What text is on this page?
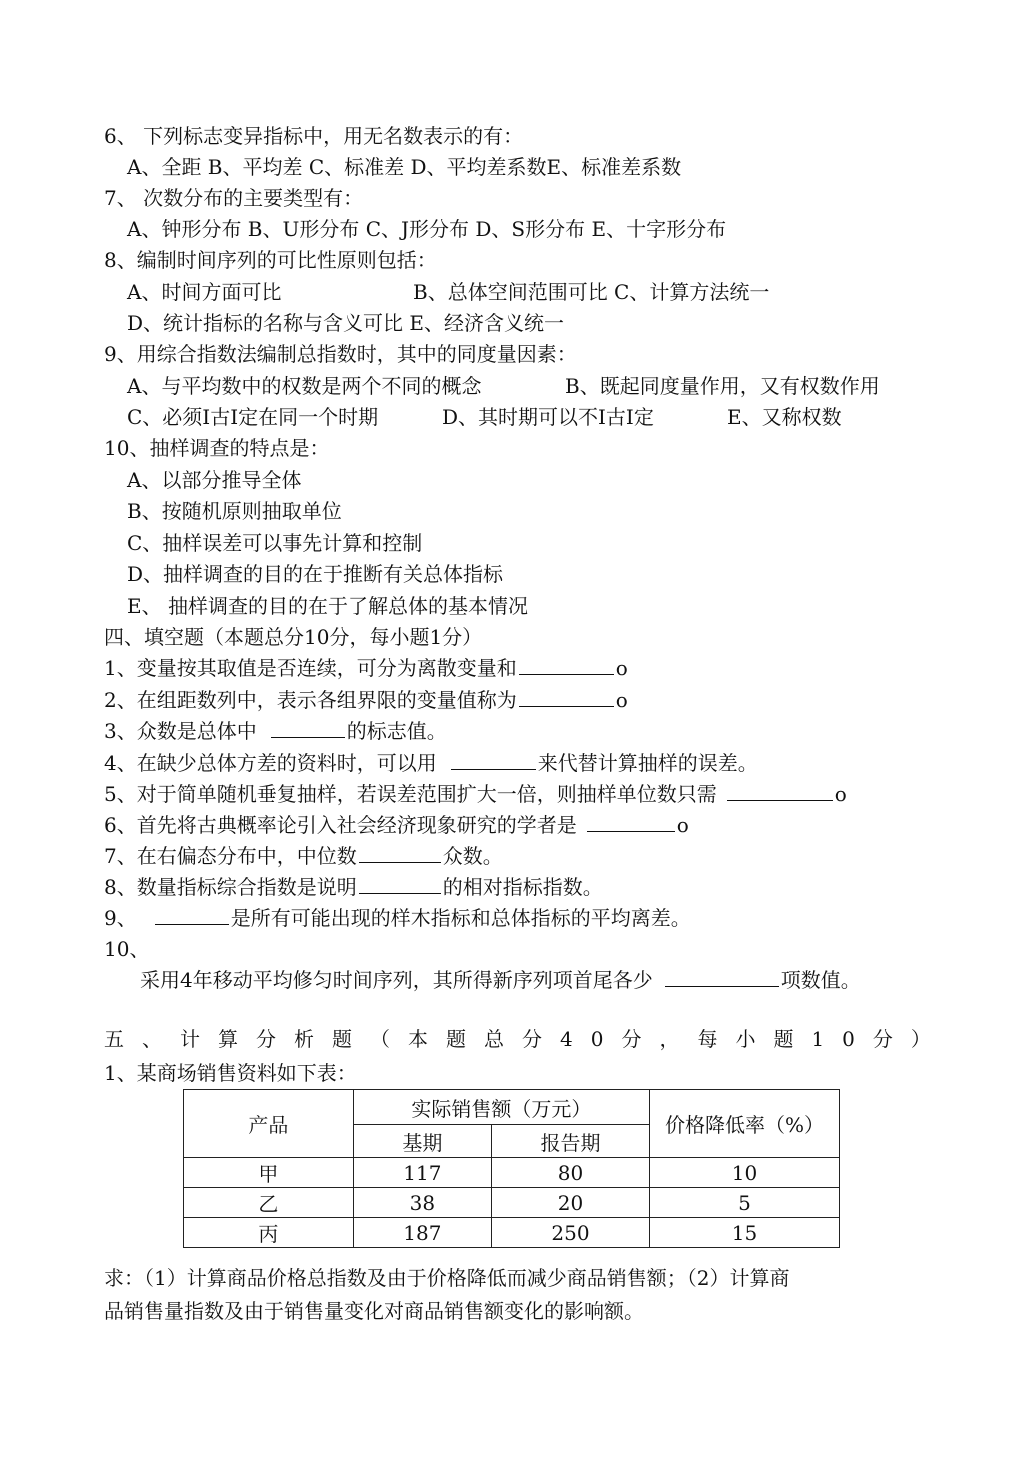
6、 下列标志变异指标中，用无名数表示的有：
A、全距 B、平均差 C、标准差 D、平均差系数E、标准差系数
7、 次数分布的主要类型有：
A、钟形分布 B、U形分布 C、J形分布 D、S形分布 E、十字形分布
8、编制时间序列的可比性原则包括：
A、时间方面可比	B、总体空间范围可比 C、计算方法统一
D、统计指标的名称与含义可比 E、经济含义统一
9、用综合指数法编制总指数时，其中的同度量因素：
A、与平均数中的权数是两个不同的概念	B、既起同度量作用，又有权数作用
C、必须I古I定在同一个时期	D、其时期可以不I古I定	E、又称权数
10、抽样调查的特点是：
A、以部分推导全体
B、按随机原则抽取单位
C、抽样误差可以事先计算和控制
D、抽样调查的目的在于推断有关总体指标
E、 抽样调查的目的在于了解总体的基本情况
四、填空题（本题总分10分，每小题1分）
1、变量按其取值是否连续，可分为离散变量和	o
2、在组距数列中，表示各组界限的变量值称为	o
3、众数是总体中	的标志值。
4、在缺少总体方差的资料时，可以用	来代替计算抽样的误差。
5、对于简单随机垂复抽样，若误差范围扩大一倍，则抽样单位数只需	o
6、首先将古典概率论引入社会经济现象研究的学者是	o
7、在右偏态分布中，中位数	众数。
8、数量指标综合指数是说明	的相对指标指数。
9、	是所有可能出现的样木指标和总体指标的平均离差。
10、
采用4年移动平均修匀时间序列，其所得新序列项首尾各少	项数值。
五、计算分析题（本题总分40分，每小题10分）
1、某商场销售资料如下表：
产品	实际销售额（万元）		价格降低率（%）
	基期	报告期	
甲	117	80	10
乙	38	20	5
丙	187	250	15
求：（1）计算商品价格总指数及由于价格降低而减少商品销售额；（2）计算商
品销售量指数及由于销售量变化对商品销售额变化的影响额。
